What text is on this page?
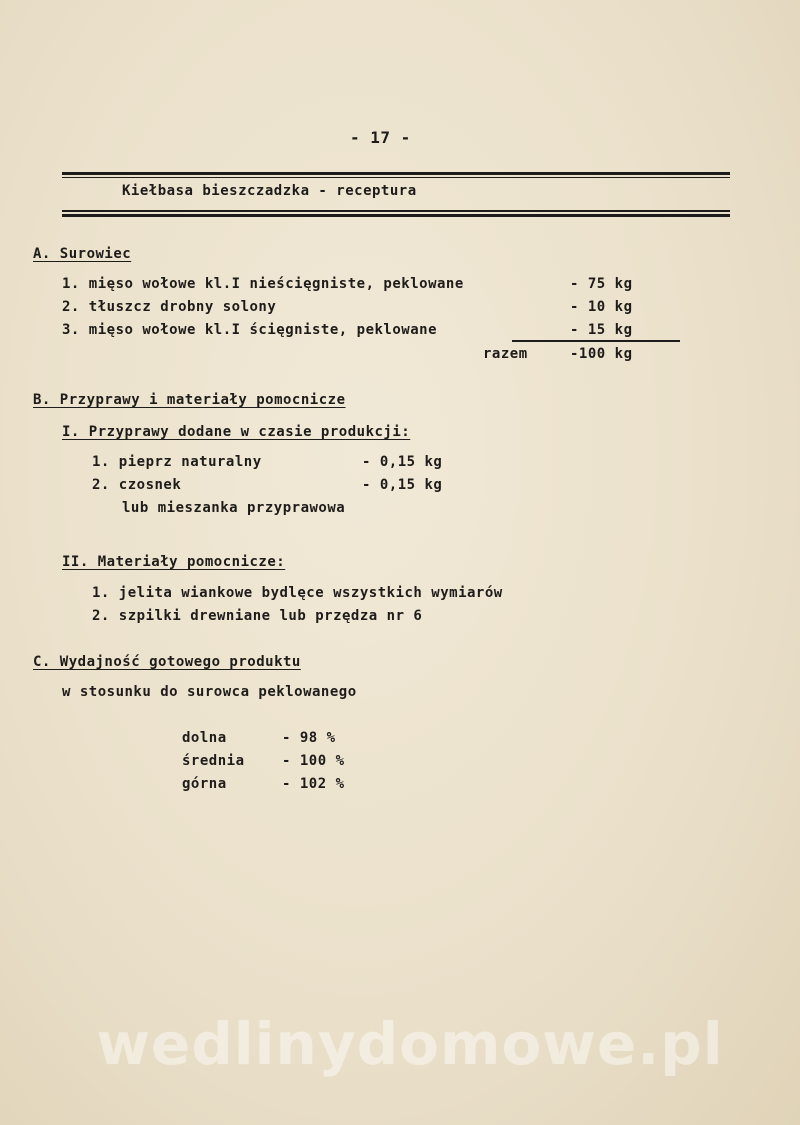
- 17 -
Kiełbasa bieszczadzka - receptura
A. Surowiec
1. mięso wołowe kl.I nieścięgniste, peklowane	- 75 kg
2. tłuszcz drobny solony	- 10 kg
3. mięso wołowe kl.I ścięgniste, peklowane	- 15 kg
razem	-100 kg
B. Przyprawy i materiały pomocnicze
I. Przyprawy dodane w czasie produkcji:
1. pieprz naturalny	- 0,15 kg
2. czosnek	- 0,15 kg
lub mieszanka przyprawowa
II. Materiały pomocnicze:
1. jelita wiankowe bydlęce wszystkich wymiarów
2. szpilki drewniane lub przędza nr 6
C. Wydajność gotowego produktu
w stosunku do surowca peklowanego
dolna	- 98 %
średnia	- 100 %
górna	- 102 %
wedlinydomowe.pl
